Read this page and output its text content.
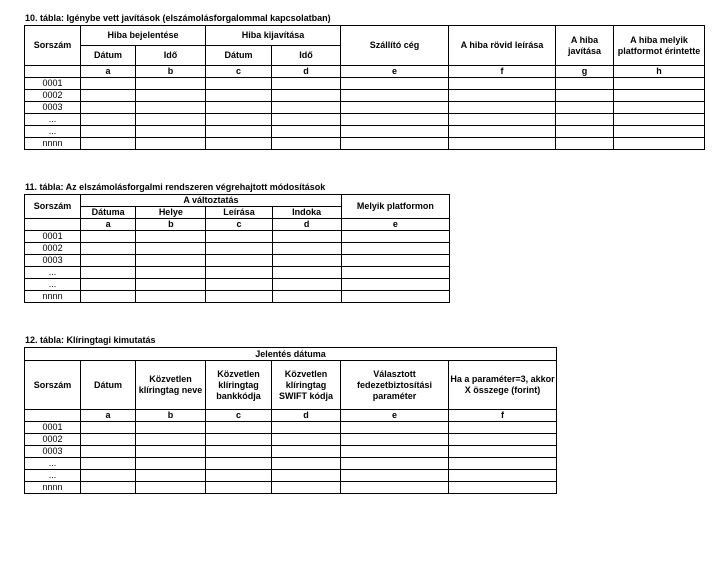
10. tábla: Igénybe vett javítások (elszámolásforgalommal kapcsolatban)
Sorszám	Hiba bejelentése		Hiba kijavítása		Szállító cég	A hiba rövid leírása	A hiba javítása	A hiba melyik platformot érintette
	Dátum	Idő	Dátum	Idő				
	a	b	c	d	e	f	g	h
0001								
0002								
0003								
...								
...								
nnnn								
11. tábla: Az elszámolásforgalmi rendszeren végrehajtott módosítások
Sorszám	A változtatás				Melyik platformon
	Dátuma	Helye	Leírása	Indoka	
	a	b	c	d	e
0001					
0002					
0003					
...					
...					
nnnn					
12. tábla: Klíringtagi kimutatás
Jelentés dátuma						
Sorszám	Dátum	Közvetlen klíringtag neve	Közvetlen klíringtag bankkódja	Közvetlen klíringtag SWIFT kódja	Választott fedezetbiztosítási paraméter	Ha a paraméter=3, akkor X összege (forint)
	a	b	c	d	e	f
0001						
0002						
0003						
...						
...						
nnnn						
